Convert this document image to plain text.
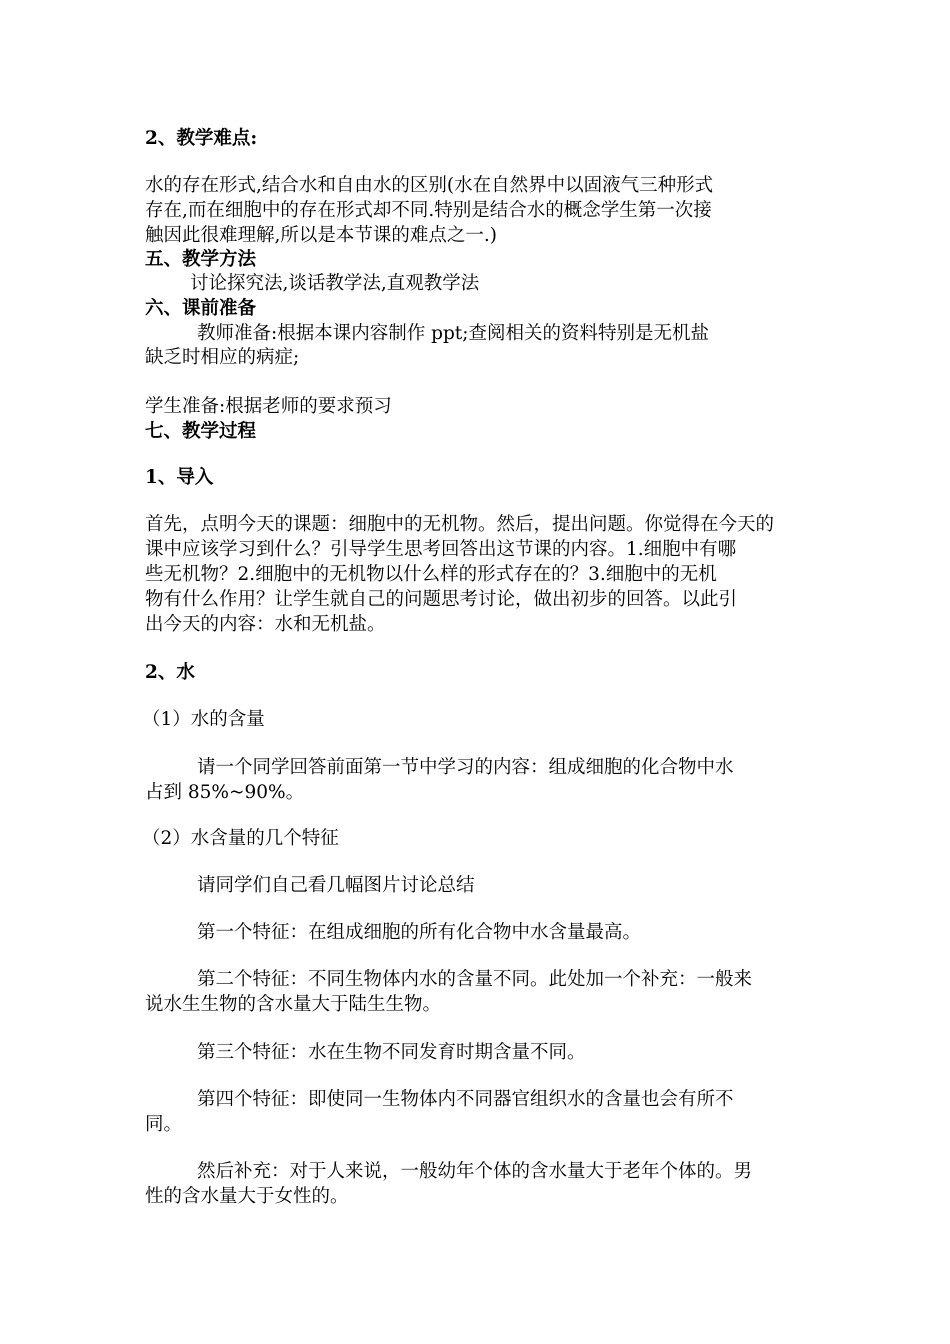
2、教学难点:
水的存在形式,结合水和自由水的区别(水在自然界中以固液气三种形式
存在,而在细胞中的存在形式却不同.特别是结合水的概念学生第一次接
触因此很难理解,所以是本节课的难点之一.)
五、教学方法
讨论探究法,谈话教学法,直观教学法
六、课前准备
教师准备:根据本课内容制作 ppt;查阅相关的资料特别是无机盐
缺乏时相应的病症;
学生准备:根据老师的要求预习
七、教学过程
1、导入
首先，点明今天的课题：细胞中的无机物。然后，提出问题。你觉得在今天的
课中应该学习到什么？引导学生思考回答出这节课的内容。1.细胞中有哪
些无机物？2.细胞中的无机物以什么样的形式存在的？3.细胞中的无机
物有什么作用？让学生就自己的问题思考讨论，做出初步的回答。以此引
出今天的内容：水和无机盐。
2、水
（1）水的含量
请一个同学回答前面第一节中学习的内容：组成细胞的化合物中水
占到 85%~90%。
（2）水含量的几个特征
请同学们自己看几幅图片讨论总结
第一个特征：在组成细胞的所有化合物中水含量最高。
第二个特征：不同生物体内水的含量不同。此处加一个补充：一般来
说水生生物的含水量大于陆生生物。
第三个特征：水在生物不同发育时期含量不同。
第四个特征：即使同一生物体内不同器官组织水的含量也会有所不
同。
然后补充：对于人来说，一般幼年个体的含水量大于老年个体的。男
性的含水量大于女性的。
